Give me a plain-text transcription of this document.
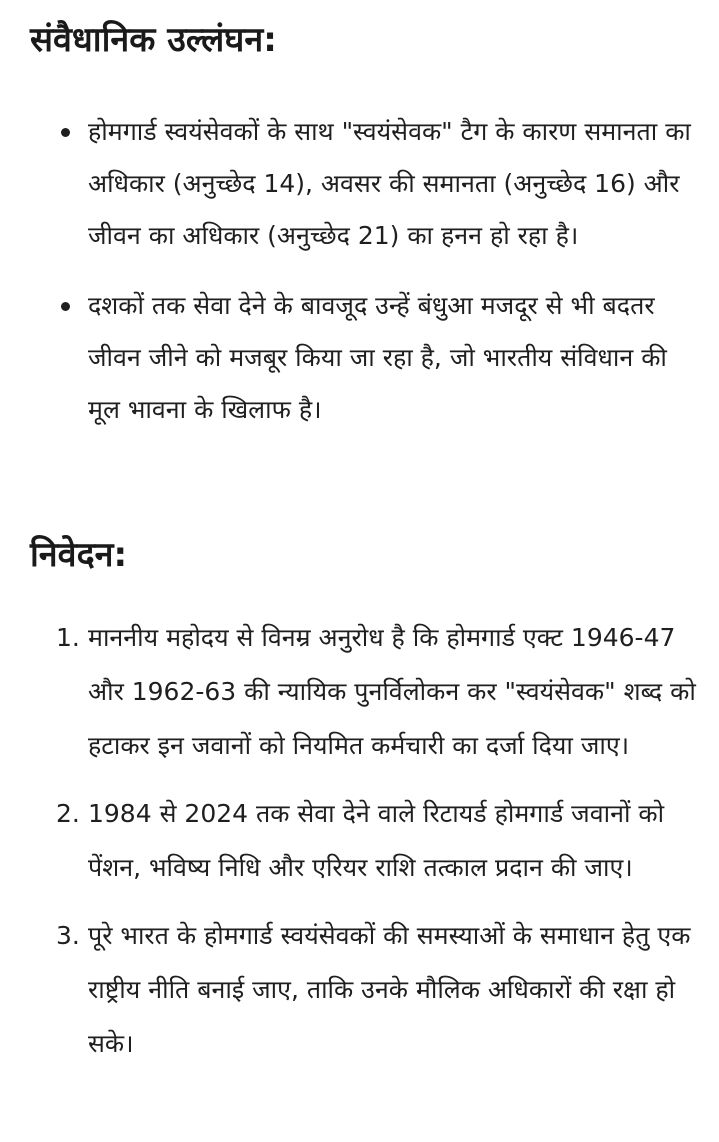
संवैधानिक उल्लंघन:
होमगार्ड स्वयंसेवकों के साथ "स्वयंसेवक" टैग के कारण समानता का अधिकार (अनुच्छेद 14), अवसर की समानता (अनुच्छेद 16) और जीवन का अधिकार (अनुच्छेद 21) का हनन हो रहा है।
दशकों तक सेवा देने के बावजूद उन्हें बंधुआ मजदूर से भी बदतर जीवन जीने को मजबूर किया जा रहा है, जो भारतीय संविधान की मूल भावना के खिलाफ है।
निवेदन:
1. माननीय महोदय से विनम्र अनुरोध है कि होमगार्ड एक्ट 1946-47 और 1962-63 की न्यायिक पुनर्विलोकन कर "स्वयंसेवक" शब्द को हटाकर इन जवानों को नियमित कर्मचारी का दर्जा दिया जाए।
2. 1984 से 2024 तक सेवा देने वाले रिटायर्ड होमगार्ड जवानों को पेंशन, भविष्य निधि और एरियर राशि तत्काल प्रदान की जाए।
3. पूरे भारत के होमगार्ड स्वयंसेवकों की समस्याओं के समाधान हेतु एक राष्ट्रीय नीति बनाई जाए, ताकि उनके मौलिक अधिकारों की रक्षा हो सके।
